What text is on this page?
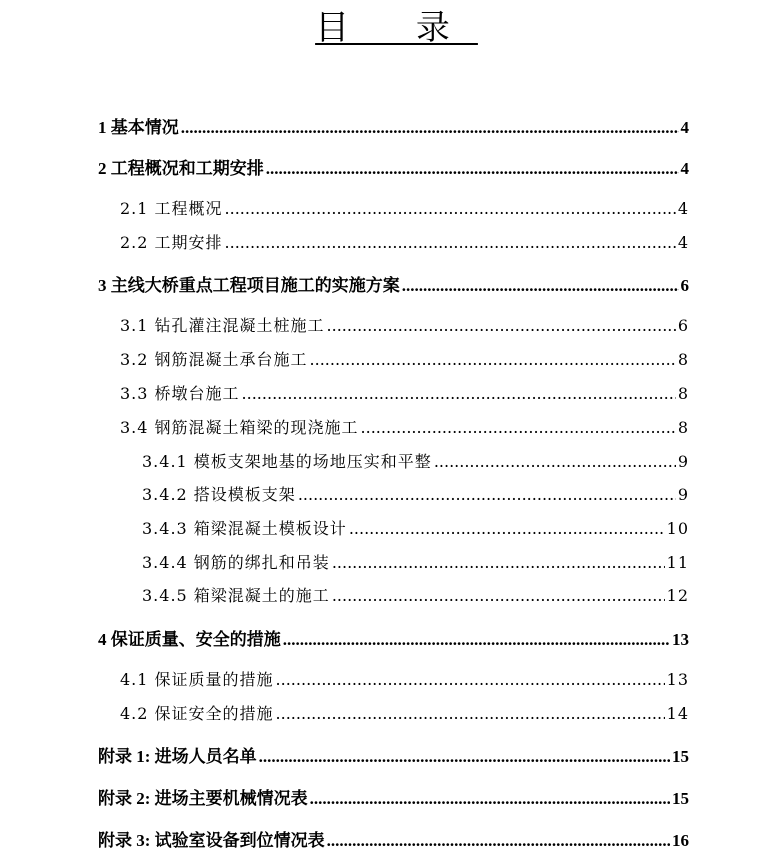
目 录
1 基本情况 .....	4
2 工程概况和工期安排 .....	4
2.1 工程概况 .....	4
2.2 工期安排 .....	4
3 主线大桥重点工程项目施工的实施方案 .....	6
3.1 钻孔灌注混凝土桩施工 .....	6
3.2 钢筋混凝土承台施工 .....	8
3.3 桥墩台施工 .....	8
3.4 钢筋混凝土箱梁的现浇施工 .....	8
3.4.1 模板支架地基的场地压实和平整 .....	9
3.4.2 搭设模板支架 .....	9
3.4.3 箱梁混凝土模板设计 .....	10
3.4.4 钢筋的绑扎和吊装 .....	11
3.4.5 箱梁混凝土的施工 .....	12
4 保证质量、安全的措施 .....	13
4.1 保证质量的措施 .....	13
4.2 保证安全的措施 .....	14
附录 1: 进场人员名单 .....	15
附录 2: 进场主要机械情况表 .....	15
附录 3: 试验室设备到位情况表 .....	16
